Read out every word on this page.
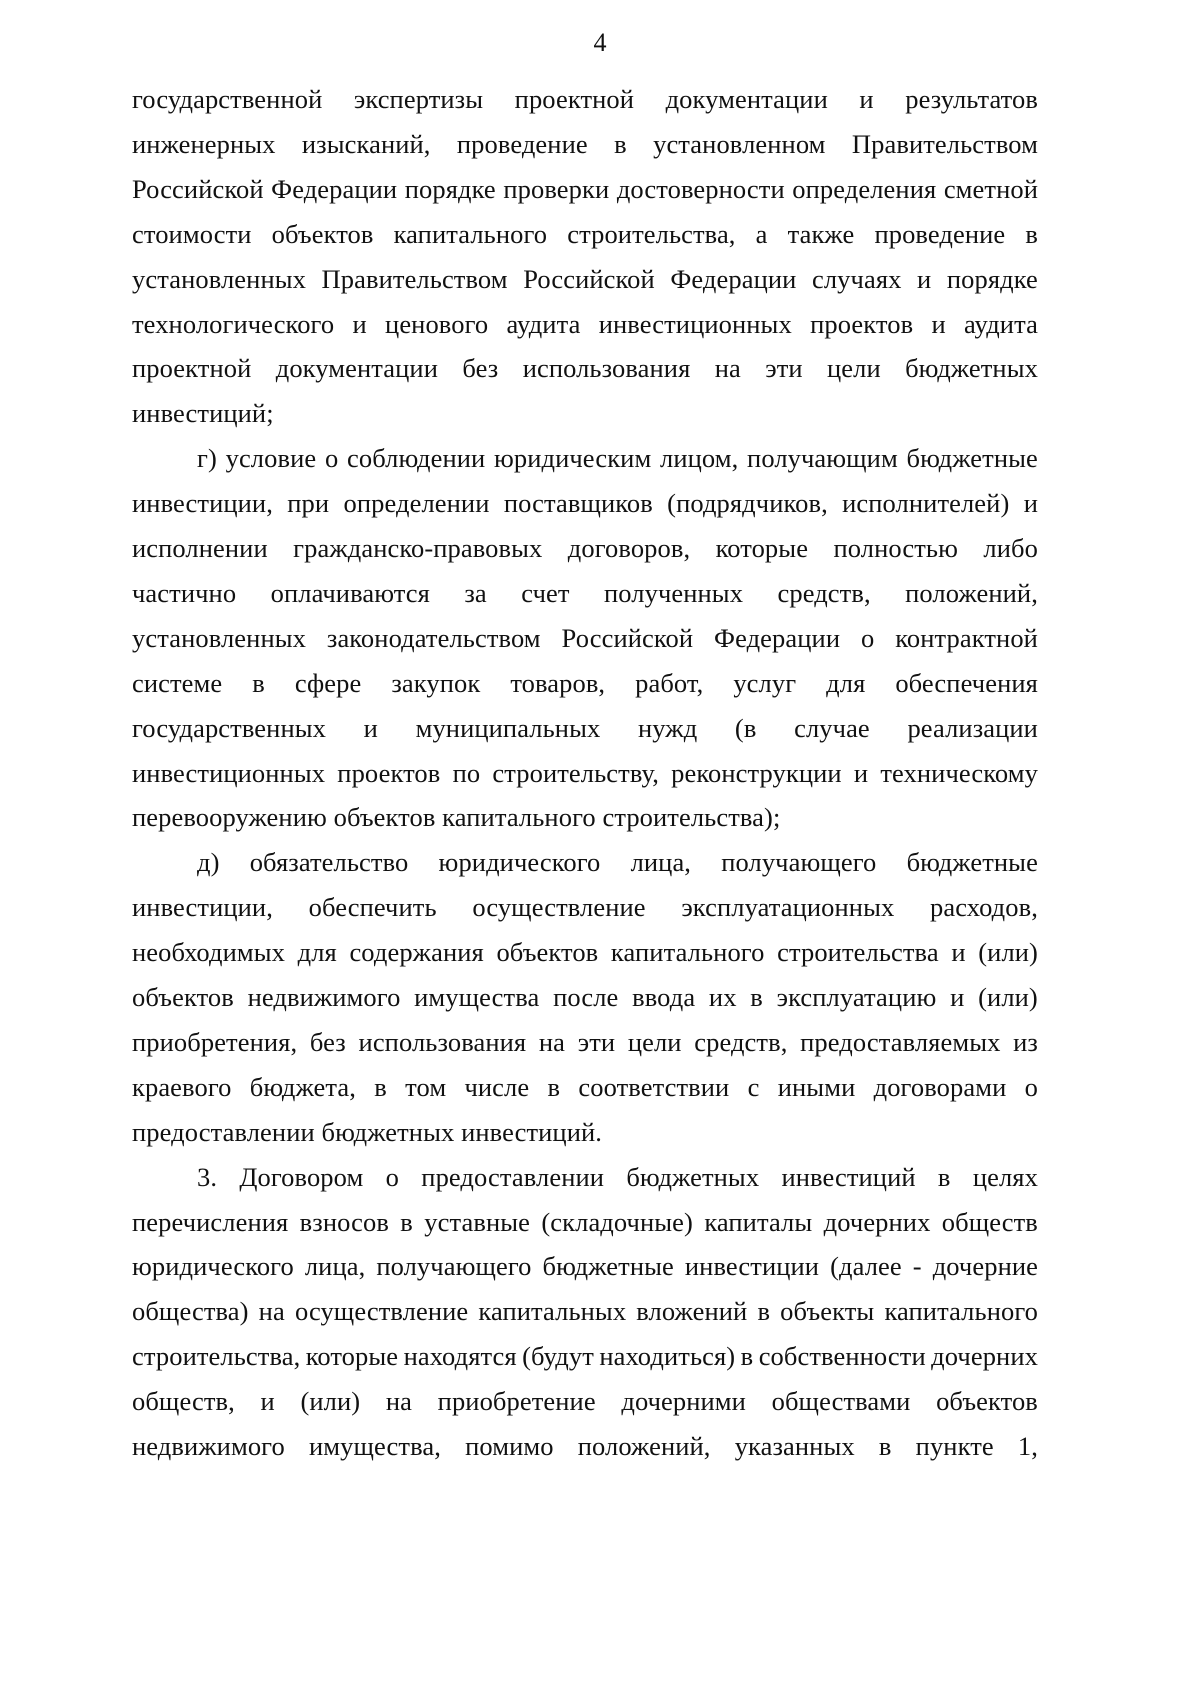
4
государственной экспертизы проектной документации и результатов
инженерных изысканий, проведение в установленном Правительством
Российской Федерации порядке проверки достоверности определения сметной
стоимости объектов капитального строительства, а также проведение в
установленных Правительством Российской Федерации случаях и порядке
технологического и ценового аудита инвестиционных проектов и аудита
проектной документации без использования на эти цели бюджетных
инвестиций;
г) условие о соблюдении юридическим лицом, получающим бюджетные
инвестиции, при определении поставщиков (подрядчиков, исполнителей) и
исполнении гражданско-правовых договоров, которые полностью либо
частично оплачиваются за счет полученных средств, положений,
установленных законодательством Российской Федерации о контрактной
системе в сфере закупок товаров, работ, услуг для обеспечения
государственных и муниципальных нужд (в случае реализации
инвестиционных проектов по строительству, реконструкции и техническому
перевооружению объектов капитального строительства);
д) обязательство юридического лица, получающего бюджетные
инвестиции, обеспечить осуществление эксплуатационных расходов,
необходимых для содержания объектов капитального строительства и (или)
объектов недвижимого имущества после ввода их в эксплуатацию и (или)
приобретения, без использования на эти цели средств, предоставляемых из
краевого бюджета, в том числе в соответствии с иными договорами о
предоставлении бюджетных инвестиций.
3. Договором о предоставлении бюджетных инвестиций в целях
перечисления взносов в уставные (складочные) капиталы дочерних обществ
юридического лица, получающего бюджетные инвестиции (далее - дочерние
общества) на осуществление капитальных вложений в объекты капитального
строительства, которые находятся (будут находиться) в собственности дочерних
обществ, и (или) на приобретение дочерними обществами объектов
недвижимого имущества, помимо положений, указанных в пункте 1,
